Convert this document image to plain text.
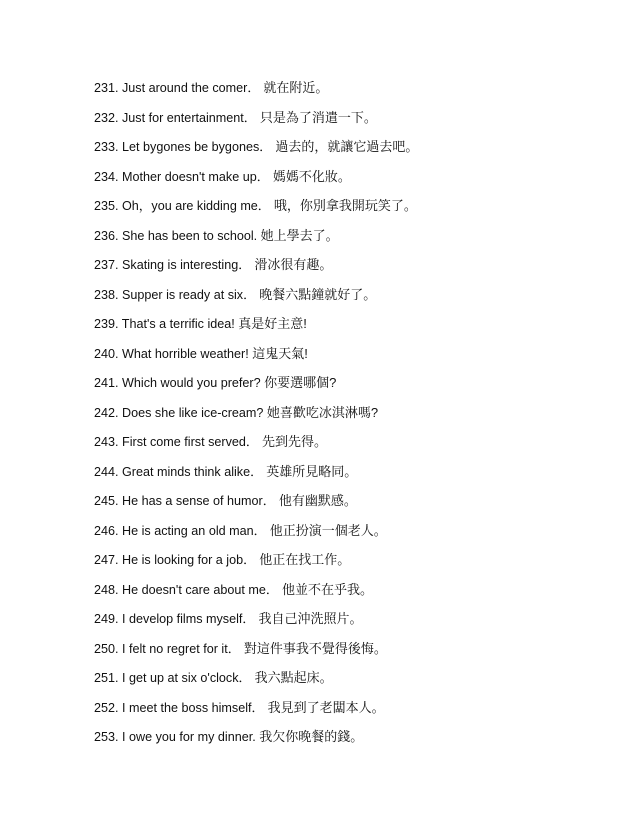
231. Just around the comer． 就在附近。
232. Just for entertainment． 只是為了消遣一下。
233. Let bygones be bygones． 過去的，就讓它過去吧。
234. Mother doesn't make up． 媽媽不化妝。
235. Oh，you are kidding me． 哦，你別拿我開玩笑了。
236. She has been to school. 她上學去了。
237. Skating is interesting． 滑冰很有趣。
238. Supper is ready at six． 晚餐六點鐘就好了。
239. That's a terrific idea! 真是好主意!
240. What horrible weather! 這鬼天氣!
241. Which would you prefer? 你要選哪個?
242. Does she like ice-cream? 她喜歡吃冰淇淋嗎?
243. First come first served． 先到先得。
244. Great minds think alike． 英雄所見略同。
245. He has a sense of humor． 他有幽默感。
246. He is acting an old man． 他正扮演一個老人。
247. He is looking for a job． 他正在找工作。
248. He doesn't care about me． 他並不在乎我。
249. I develop films myself． 我自己沖洗照片。
250. I felt no regret for it． 對這件事我不覺得後悔。
251. I get up at six o'clock． 我六點起床。
252. I meet the boss himself． 我見到了老闆本人。
253. I owe you for my dinner. 我欠你晚餐的錢。
